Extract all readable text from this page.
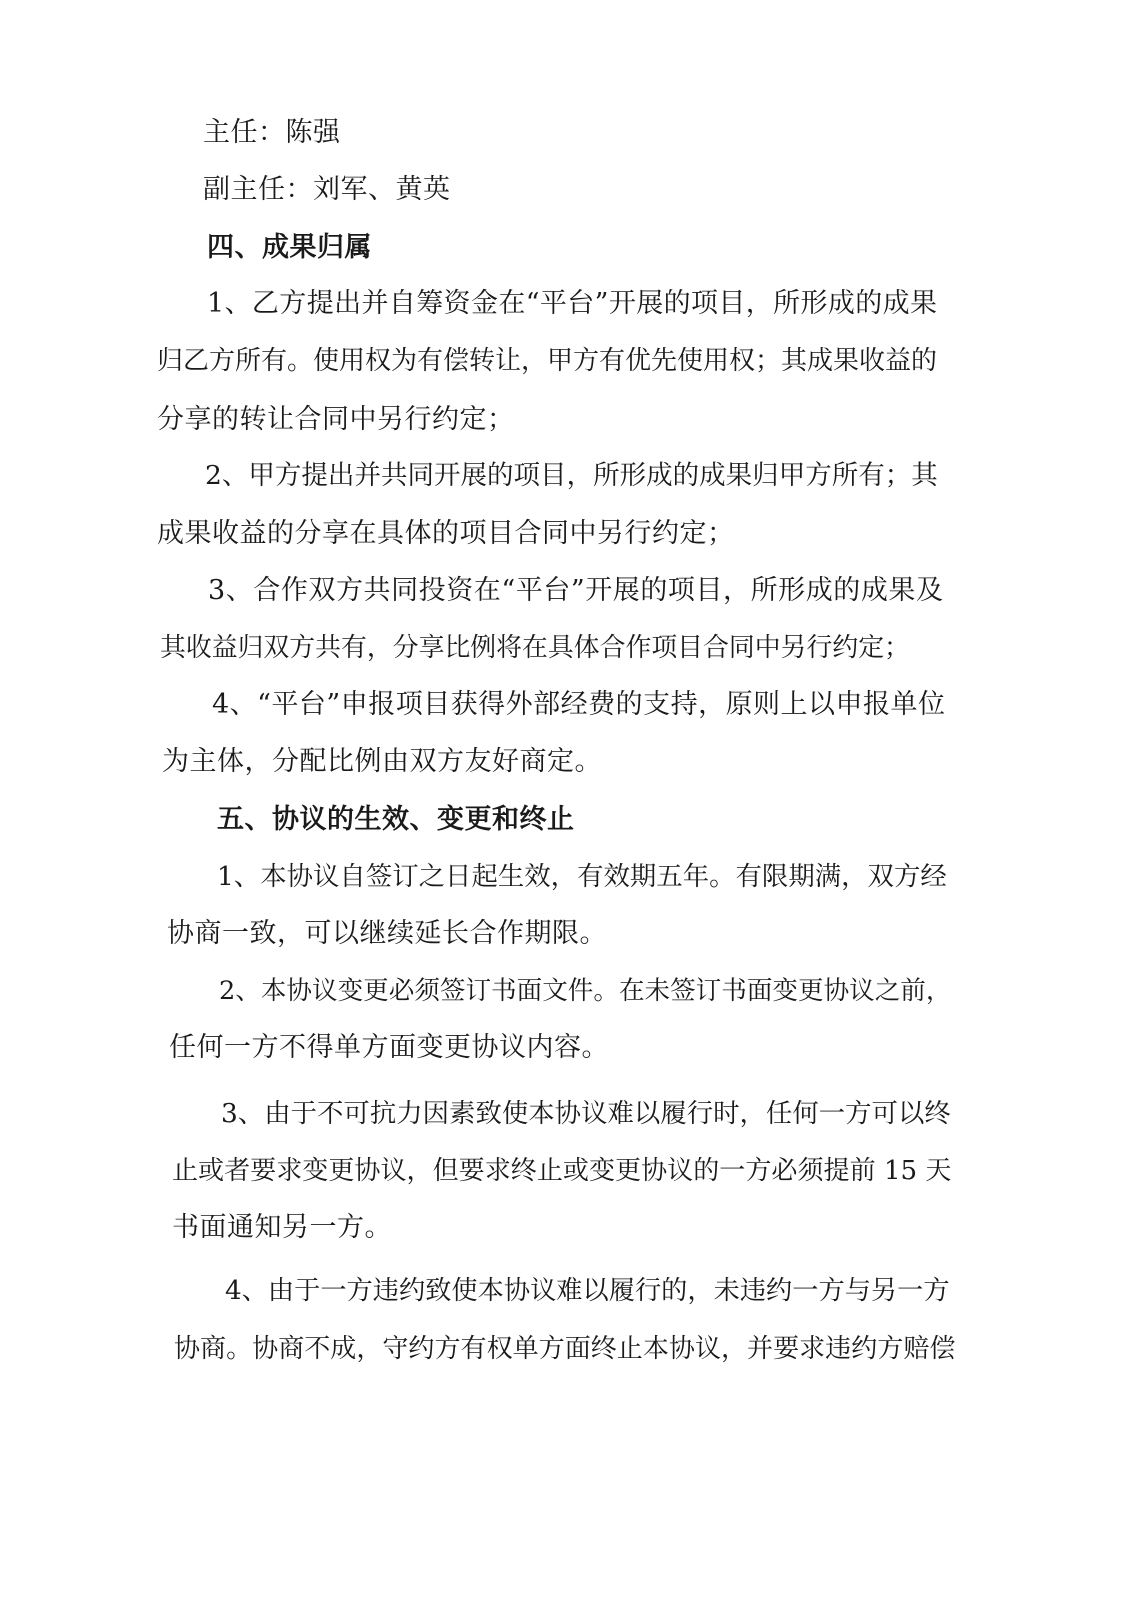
主任：陈强
副主任：刘军、黄英
四、成果归属
1、乙方提出并自筹资金在“平台”开展的项目，所形成的成果
归乙方所有。使用权为有偿转让，甲方有优先使用权；其成果收益的
分享的转让合同中另行约定；
2、甲方提出并共同开展的项目，所形成的成果归甲方所有；其
成果收益的分享在具体的项目合同中另行约定；
3、合作双方共同投资在“平台”开展的项目，所形成的成果及
其收益归双方共有，分享比例将在具体合作项目合同中另行约定；
4、“平台”申报项目获得外部经费的支持，原则上以申报单位
为主体，分配比例由双方友好商定。
五、协议的生效、变更和终止
1、本协议自签订之日起生效，有效期五年。有限期满，双方经
协商一致，可以继续延长合作期限。
2、本协议变更必须签订书面文件。在未签订书面变更协议之前，
任何一方不得单方面变更协议内容。
3、由于不可抗力因素致使本协议难以履行时，任何一方可以终
止或者要求变更协议，但要求终止或变更协议的一方必须提前 15 天
书面通知另一方。
4、由于一方违约致使本协议难以履行的，未违约一方与另一方
协商。协商不成，守约方有权单方面终止本协议，并要求违约方赔偿
